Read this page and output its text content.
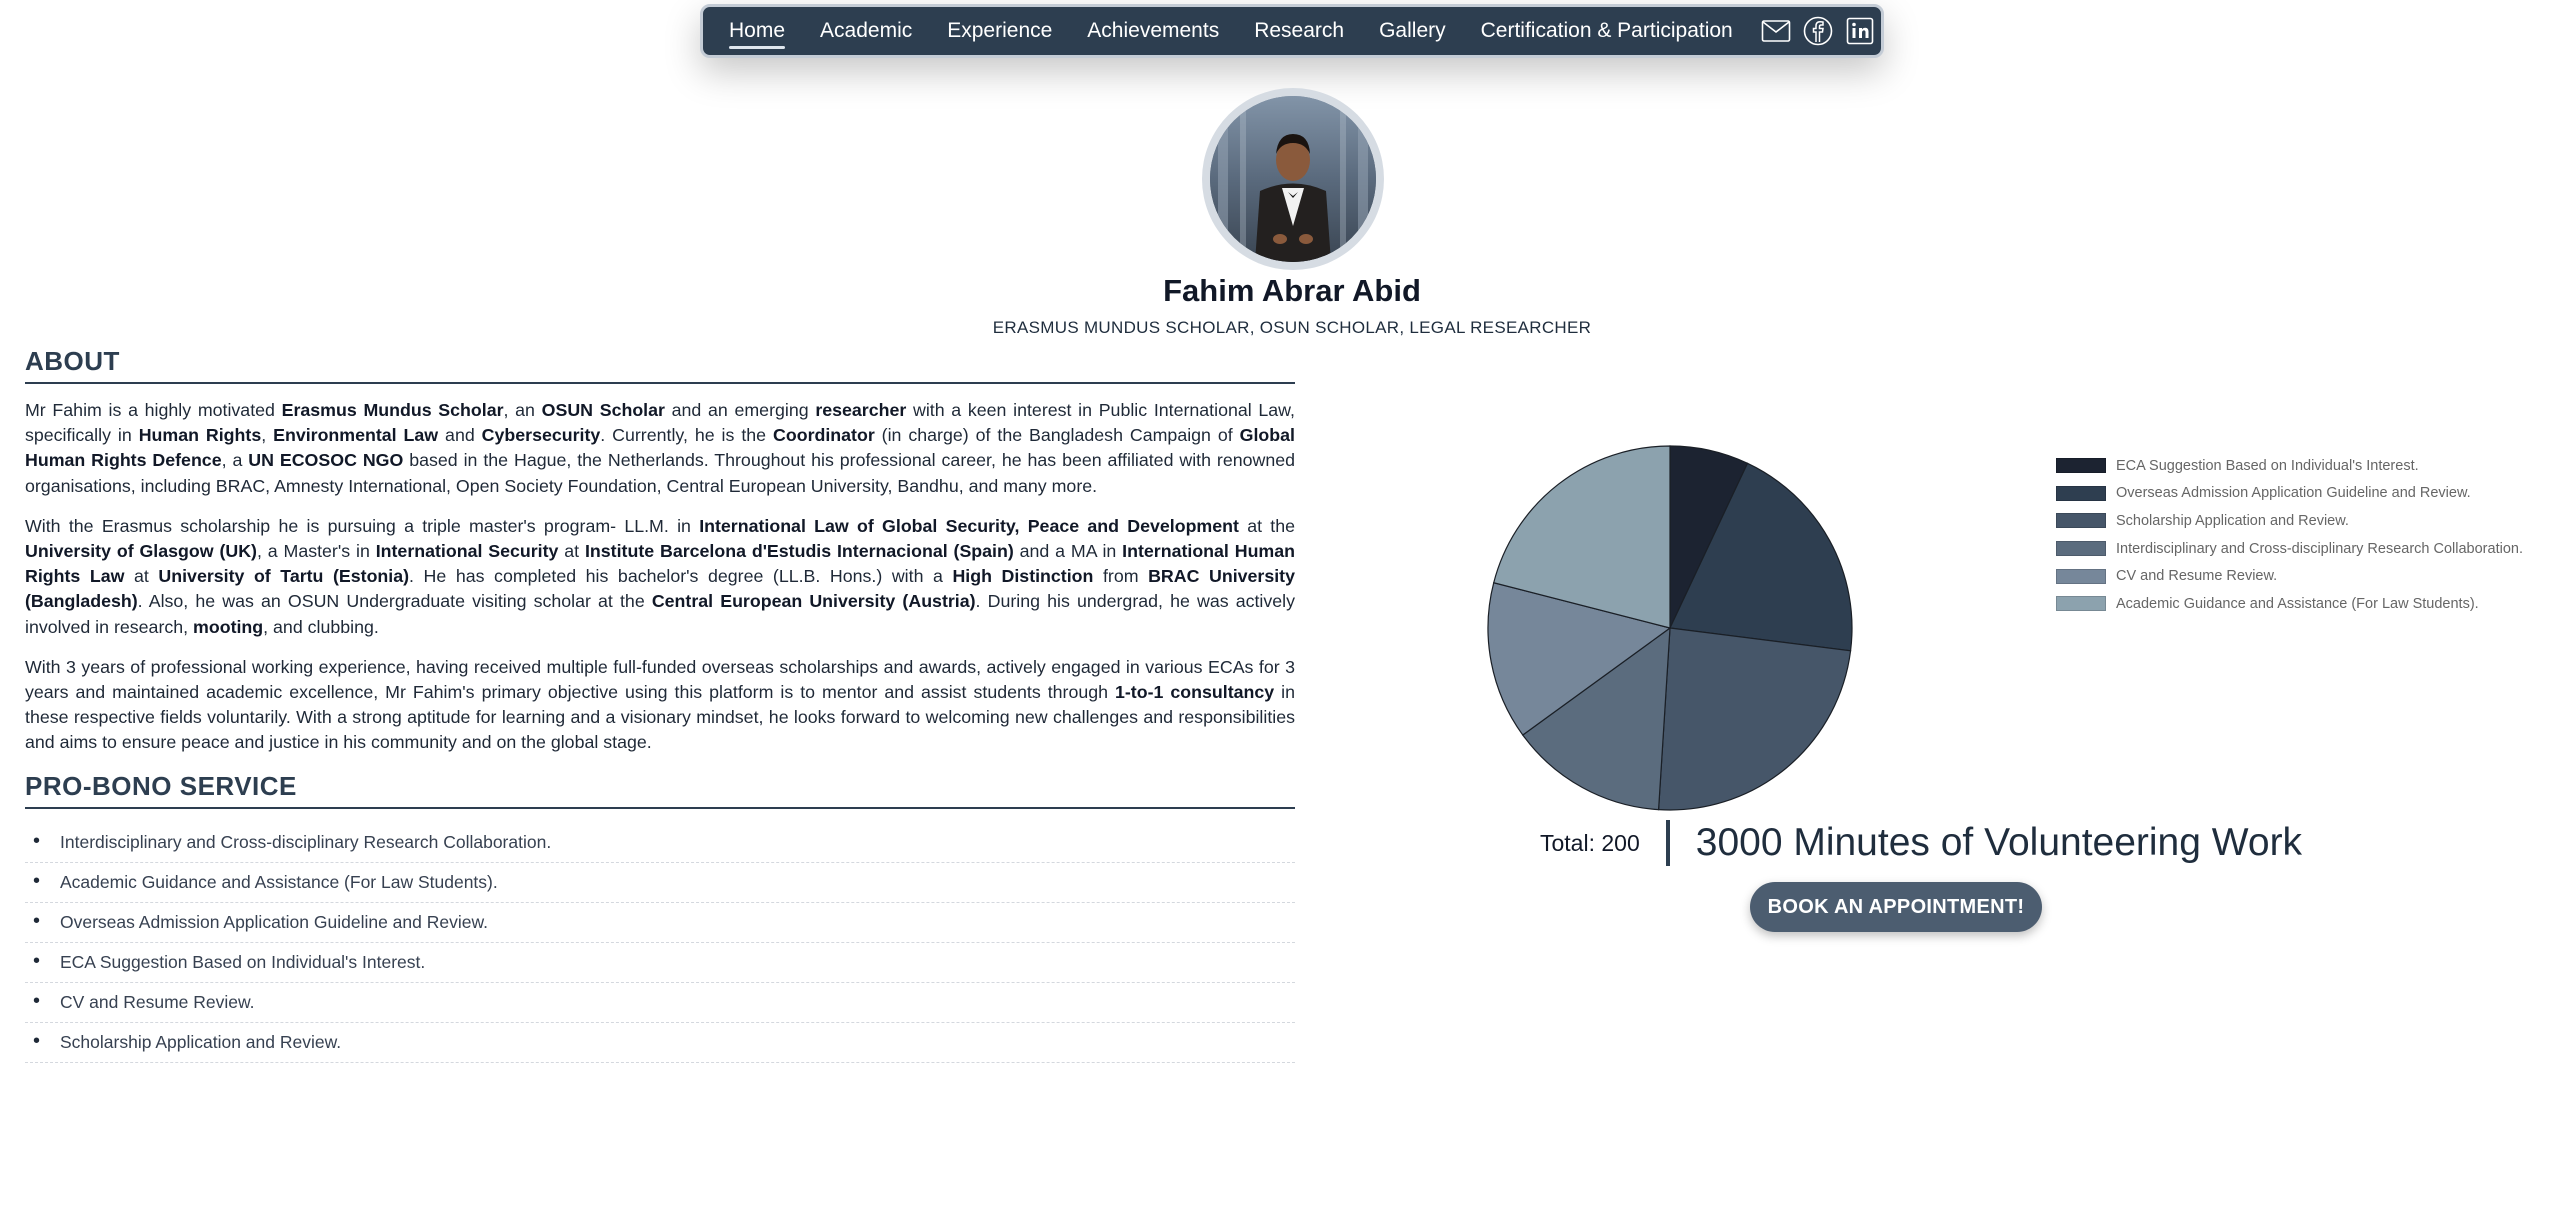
Home Academic Experience Achievements Research Gallery Certification & Participation
Fahim Abrar Abid
ERASMUS MUNDUS SCHOLAR, OSUN SCHOLAR, LEGAL RESEARCHER
ABOUT

Mr Fahim is a highly motivated Erasmus Mundus Scholar, an OSUN Scholar and an emerging researcher with a keen interest in Public International Law, specifically in Human Rights, Environmental Law and Cybersecurity. Currently, he is the Coordinator (in charge) of the Bangladesh Campaign of Global Human Rights Defence, a UN ECOSOC NGO based in the Hague, the Netherlands. Throughout his professional career, he has been affiliated with renowned organisations, including BRAC, Amnesty International, Open Society Foundation, Central European University, Bandhu, and many more.

With the Erasmus scholarship he is pursuing a triple master's program- LL.M. in International Law of Global Security, Peace and Development at the University of Glasgow (UK), a Master's in International Security at Institute Barcelona d'Estudis Internacional (Spain) and a MA in International Human Rights Law at University of Tartu (Estonia). He has completed his bachelor's degree (LL.B. Hons.) with a High Distinction from BRAC University (Bangladesh). Also, he was an OSUN Undergraduate visiting scholar at the Central European University (Austria). During his undergrad, he was actively involved in research, mooting, and clubbing.

With 3 years of professional working experience, having received multiple full-funded overseas scholarships and awards, actively engaged in various ECAs for 3 years and maintained academic excellence, Mr Fahim's primary objective using this platform is to mentor and assist students through 1-to-1 consultancy in these respective fields voluntarily. With a strong aptitude for learning and a visionary mindset, he looks forward to welcoming new challenges and responsibilities and aims to ensure peace and justice in his community and on the global stage.

PRO-BONO SERVICE
• Interdisciplinary and Cross-disciplinary Research Collaboration.
• Academic Guidance and Assistance (For Law Students).
• Overseas Admission Application Guideline and Review.
• ECA Suggestion Based on Individual's Interest.
• CV and Resume Review.
• Scholarship Application and Review.
ECA Suggestion Based on Individual's Interest.
Overseas Admission Application Guideline and Review.
Scholarship Application and Review.
Interdisciplinary and Cross-disciplinary Research Collaboration.
CV and Resume Review.
Academic Guidance and Assistance (For Law Students).
Total: 200 3000 Minutes of Volunteering Work
BOOK AN APPOINTMENT!
